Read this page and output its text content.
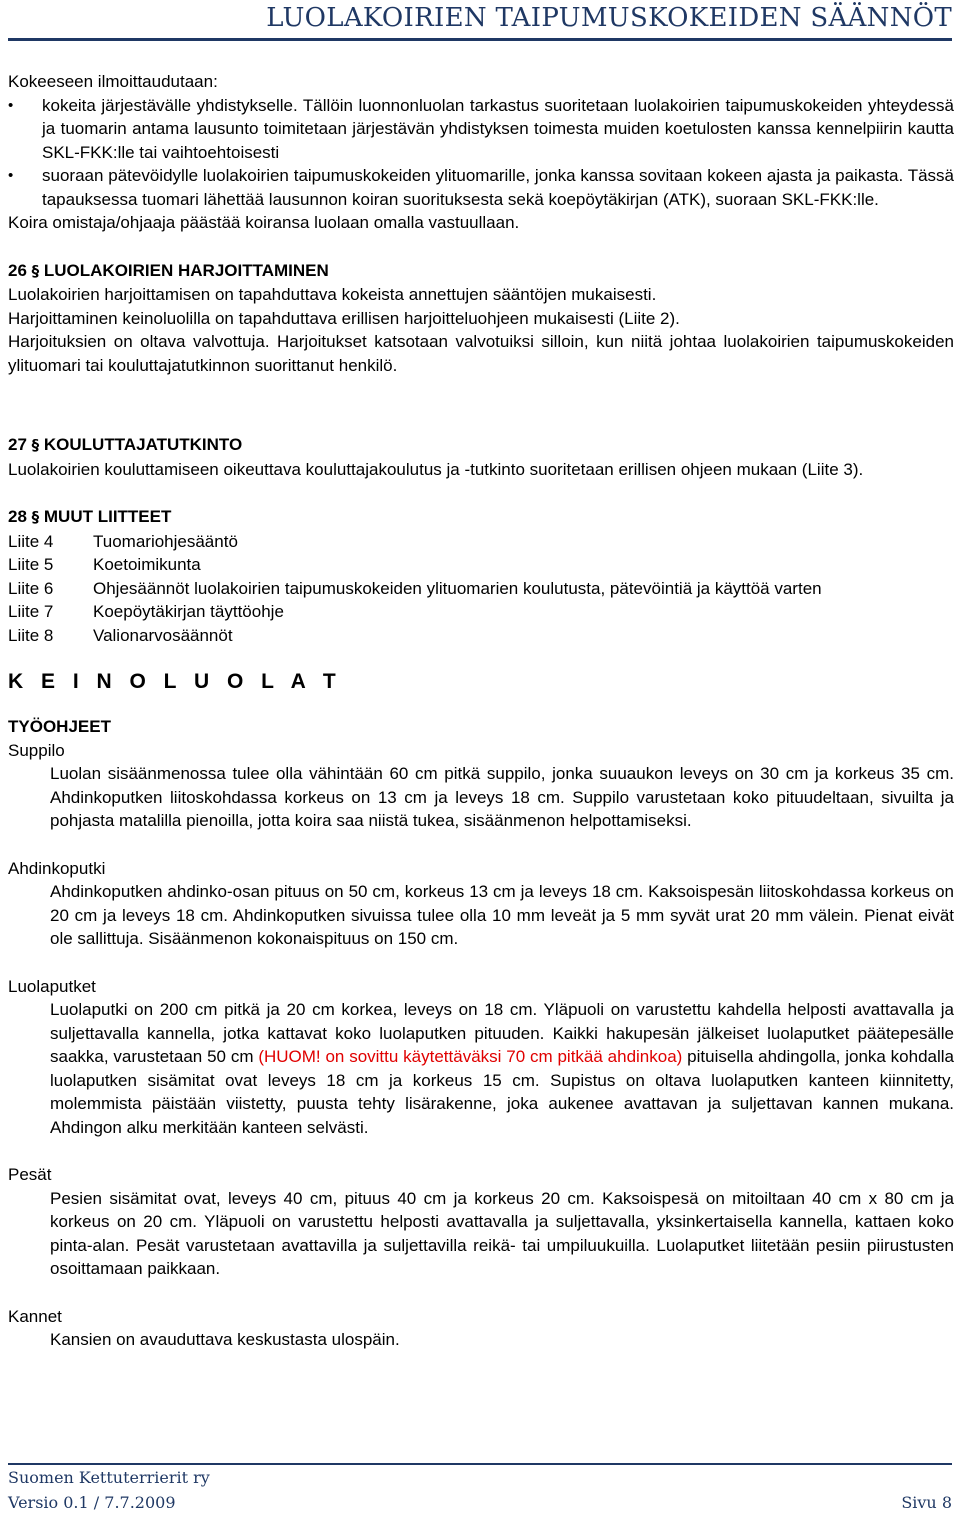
LUOLAKOIRIEN TAIPUMUSKOKEIDEN SÄÄNNÖT

Kokeeseen ilmoittaudutaan:

• kokeita järjestävälle yhdistykselle. Tällöin luonnonluolan tarkastus suoritetaan luolakoirien taipumuskokeiden yhteydessä ja tuomarin antama lausunto toimitetaan järjestävän yhdistyksen toimesta muiden koetulosten kanssa kennelpiirin kautta SKL-FKK:lle tai vaihtoehtoisesti
• suoraan pätevöidylle luolakoirien taipumuskokeiden ylituomarille, jonka kanssa sovitaan kokeen ajasta ja paikasta. Tässä tapauksessa tuomari lähettää lausunnon koiran suorituksesta sekä koepöytäkirjan (ATK), suoraan SKL-FKK:lle.

Koira omistaja/ohjaaja päästää koiransa luolaan omalla vastuullaan.

26 § LUOLAKOIRIEN HARJOITTAMINEN

Luolakoirien harjoittamisen on tapahduttava kokeista annettujen sääntöjen mukaisesti.

Harjoittaminen keinoluolilla on tapahduttava erillisen harjoitteluohjeen mukaisesti (Liite 2).

Harjoituksien on oltava valvottuja. Harjoitukset katsotaan valvotuiksi silloin, kun niitä johtaa luolakoirien taipumuskokeiden ylituomari tai kouluttajatutkinnon suorittanut henkilö.

27 § KOULUTTAJATUTKINTO

Luolakoirien kouluttamiseen oikeuttava kouluttajakoulutus ja -tutkinto suoritetaan erillisen ohjeen mukaan (Liite 3).

28 § MUUT LIITTEET

Liite 4	Tuomariohjesääntö
Liite 5	Koetoimikunta
Liite 6	Ohjesäännöt luolakoirien taipumuskokeiden ylituomarien koulutusta, pätevöintiä ja käyttöä varten
Liite 7	Koepöytäkirjan täyttöohje
Liite 8	Valionarvosäännöt

K E I N O L U O L A T

TYÖOHJEET

Suppilo

Luolan sisäänmenossa tulee olla vähintään 60 cm pitkä suppilo, jonka suuaukon leveys on 30 cm ja korkeus 35 cm. Ahdinkoputken liitoskohdassa korkeus on 13 cm ja leveys 18 cm. Suppilo varustetaan koko pituudeltaan, sivuilta ja pohjasta matalilla pienoilla, jotta koira saa niistä tukea, sisäänmenon helpottamiseksi.

Ahdinkoputki

Ahdinkoputken ahdinko-osan pituus on 50 cm, korkeus 13 cm ja leveys 18 cm. Kaksoispesän liitoskohdassa korkeus on 20 cm ja leveys 18 cm. Ahdinkoputken sivuissa tulee olla 10 mm leveät ja 5 mm syvät urat 20 mm välein. Pienat eivät ole sallittuja. Sisäänmenon kokonaispituus on 150 cm.

Luolaputket

Luolaputki on 200 cm pitkä ja 20 cm korkea, leveys on 18 cm. Yläpuoli on varustettu kahdella helposti avattavalla ja suljettavalla kannella, jotka kattavat koko luolaputken pituuden. Kaikki hakupesän jälkeiset luolaputket päätepesälle saakka, varustetaan 50 cm (HUOM! on sovittu käytettäväksi 70 cm pitkää ahdinkoa) pituisella ahdingolla, jonka kohdalla luolaputken sisämitat ovat leveys 18 cm ja korkeus 15 cm. Supistus on oltava luolaputken kanteen kiinnitetty, molemmista päistään viistetty, puusta tehty lisärakenne, joka aukenee avattavan ja suljettavan kannen mukana. Ahdingon alku merkitään kanteen selvästi.

Pesät

Pesien sisämitat ovat, leveys 40 cm, pituus 40 cm ja korkeus 20 cm. Kaksoispesä on mitoiltaan 40 cm x 80 cm ja korkeus on 20 cm. Yläpuoli on varustettu helposti avattavalla ja suljettavalla, yksinkertaisella kannella, kattaen koko pinta-alan. Pesät varustetaan avattavilla ja suljettavilla reikä- tai umpiluukuilla. Luolaputket liitetään pesiin piirustusten osoittamaan paikkaan.

Kannet

Kansien on avauduttava keskustasta ulospäin.

Suomen Kettuterrierit ry
Versio 0.1 / 7.7.2009	Sivu 8
